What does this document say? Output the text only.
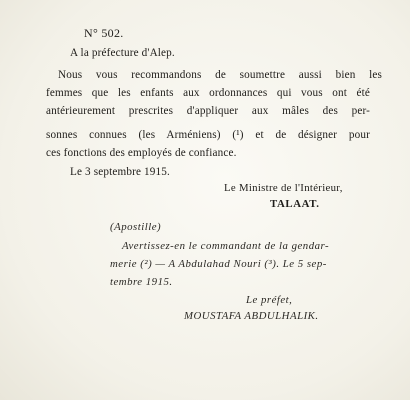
N° 502.
A la préfecture d'Alep.
Nous vous recommandons de soumettre aussi bien les
femmes que les enfants aux ordonnances qui vous ont été
antérieurement prescrites d'appliquer aux mâles des per-
sonnes connues (les Arméniens) (¹) et de désigner pour
ces fonctions des employés de confiance.
Le 3 septembre 1915.
Le Ministre de l'Intérieur,
TALAAT.
(Apostille)
Avertissez-en le commandant de la gendar-
merie (²) — A Abdulahad Nouri (³). Le 5 sep-
tembre 1915.
Le préfet,
MOUSTAFA ABDULHALIK.
